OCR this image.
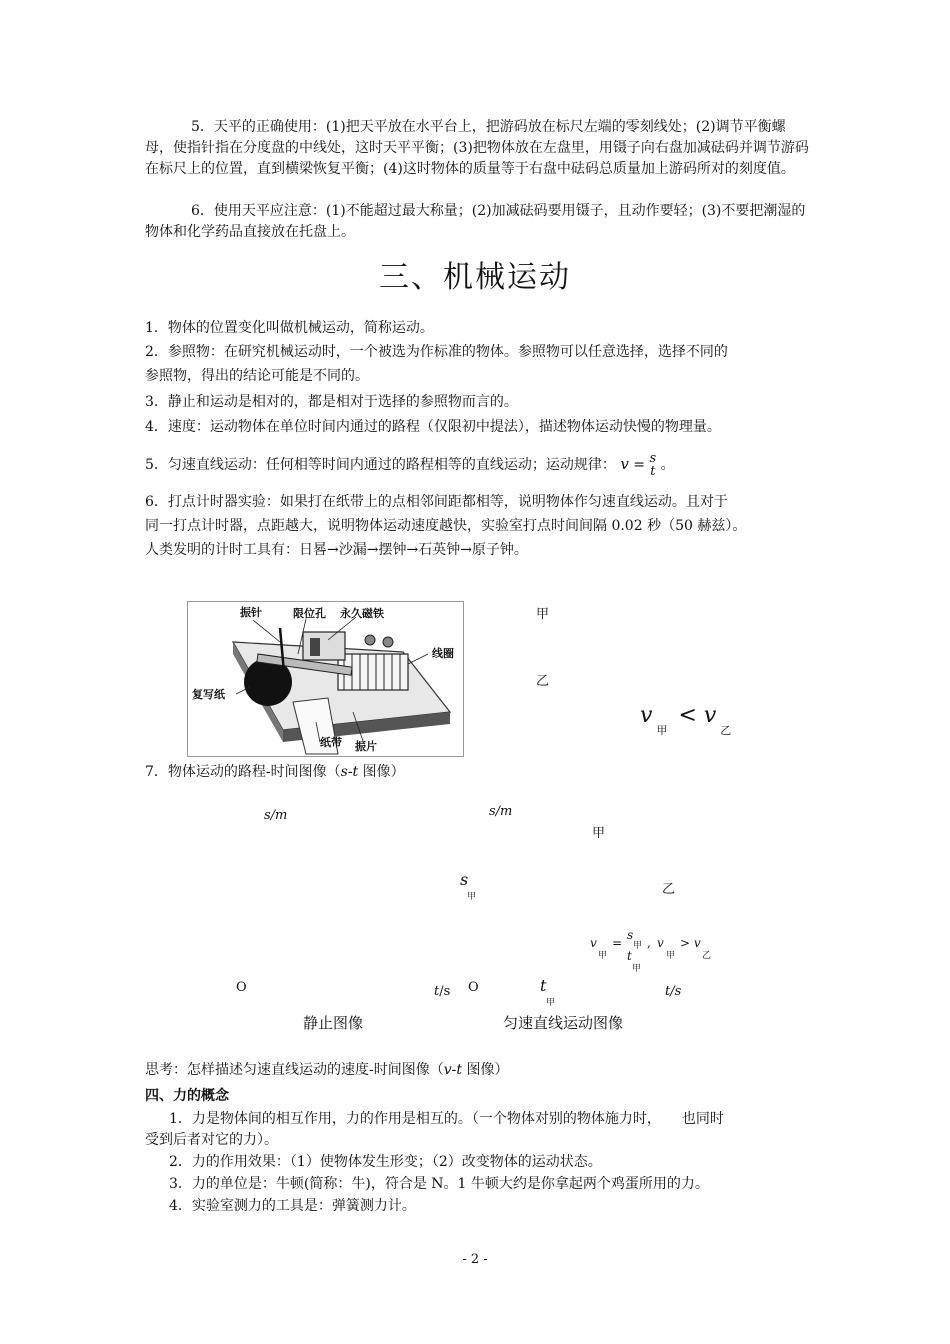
5．天平的正确使用：(1)把天平放在水平台上，把游码放在标尺左端的零刻线处；(2)调节平衡螺母，使指针指在分度盘的中线处，这时天平平衡；(3)把物体放在左盘里，用镊子向右盘加减砝码并调节游码在标尺上的位置，直到横梁恢复平衡；(4)这时物体的质量等于右盘中砝码总质量加上游码所对的刻度值。
6．使用天平应注意：(1)不能超过最大称量；(2)加减砝码要用镊子，且动作要轻；(3)不要把潮湿的物体和化学药品直接放在托盘上。
三、机械运动
1．物体的位置变化叫做机械运动，简称运动。
2．参照物：在研究机械运动时，一个被选为作标准的物体。参照物可以任意选择，选择不同的
参照物，得出的结论可能是不同的。
3．静止和运动是相对的，都是相对于选择的参照物而言的。
4．速度：运动物体在单位时间内通过的路程（仅限初中提法），描述物体运动快慢的物理量。
5．匀速直线运动：任何相等时间内通过的路程相等的直线运动；运动规律： v = s
t 。
6．打点计时器实验：如果打在纸带上的点相邻间距都相等，说明物体作匀速直线运动。且对于
同一打点计时器，点距越大，说明物体运动速度越快，实验室打点时间间隔 0.02 秒（50 赫兹）。
人类发明的计时工具有：日晷→沙漏→摆钟→石英钟→原子钟。
振针	限位孔 永久磁铁
线圈
复写纸
纸带 振片
甲
乙
$v_甲 < v_乙$
7．物体运动的路程-时间图像（s-t 图像）
s/m
O	t/s
静止图像
s/m
甲
乙
s
甲
O	t
甲
t/s
匀速直线运动图像
v
甲
=
s
甲
t
甲
, v
甲
> v
乙
思考：怎样描述匀速直线运动的速度-时间图像（v-t 图像）
四、力的概念
1．力是物体间的相互作用，力的作用是相互的。（一个物体对别的物体施力时，　　也同时
受到后者对它的力）。
2．力的作用效果：（1）使物体发生形变；（2）改变物体的运动状态。
3．力的单位是：牛顿(简称：牛)，符合是 N。1 牛顿大约是你拿起两个鸡蛋所用的力。
4．实验室测力的工具是：弹簧测力计。
- 2 -
